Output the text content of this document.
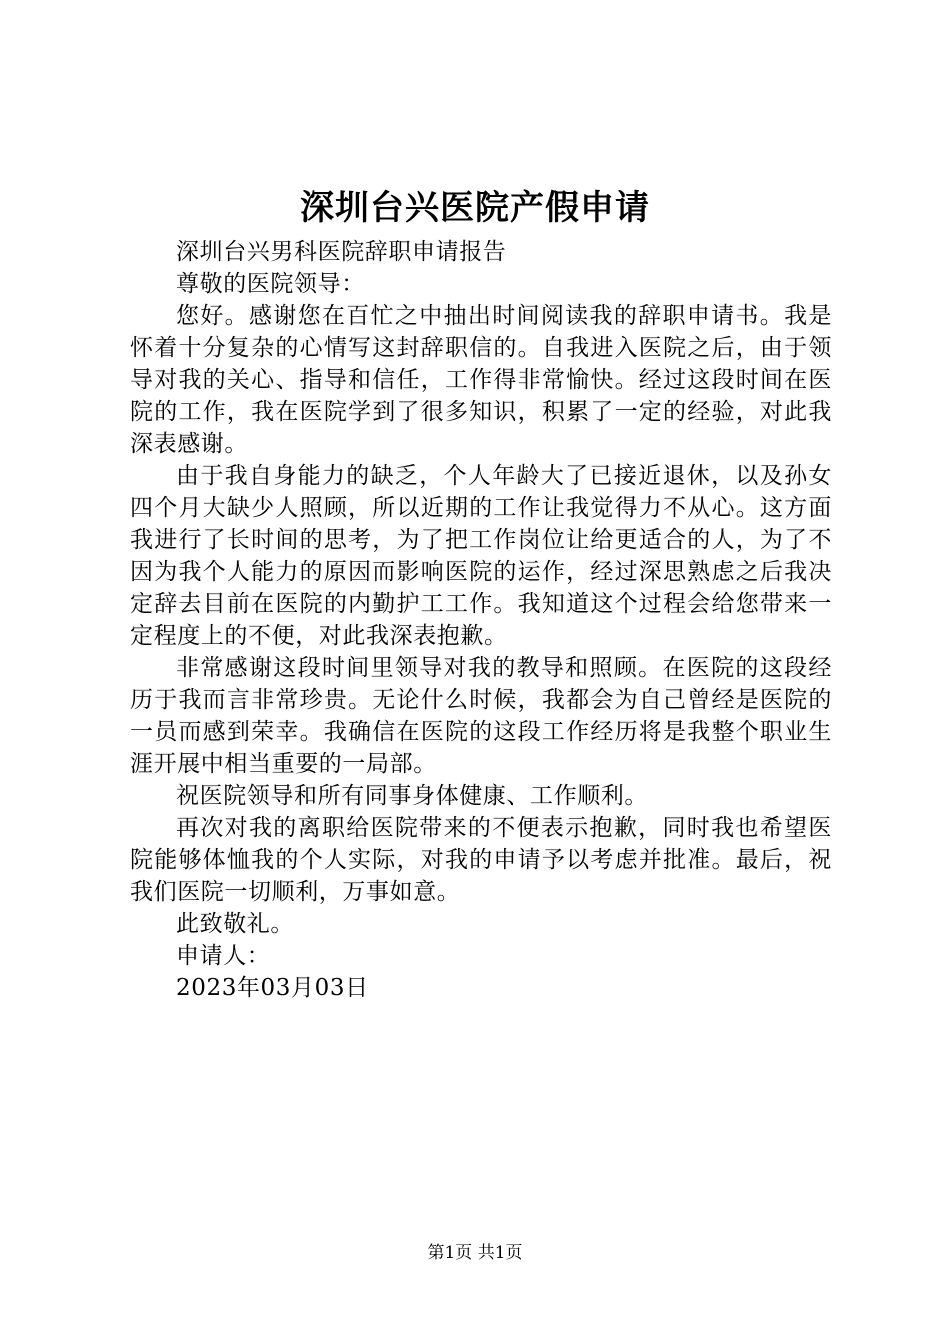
深圳台兴医院产假申请

深圳台兴男科医院辞职申请报告

尊敬的医院领导：

您好。感谢您在百忙之中抽出时间阅读我的辞职申请书。我是怀着十分复杂的心情写这封辞职信的。自我进入医院之后，由于领导对我的关心、指导和信任，工作得非常愉快。经过这段时间在医院的工作，我在医院学到了很多知识，积累了一定的经验，对此我深表感谢。

由于我自身能力的缺乏，个人年龄大了已接近退休，以及孙女四个月大缺少人照顾，所以近期的工作让我觉得力不从心。这方面我进行了长时间的思考，为了把工作岗位让给更适合的人，为了不因为我个人能力的原因而影响医院的运作，经过深思熟虑之后我决定辞去目前在医院的内勤护工工作。我知道这个过程会给您带来一定程度上的不便，对此我深表抱歉。

非常感谢这段时间里领导对我的教导和照顾。在医院的这段经历于我而言非常珍贵。无论什么时候，我都会为自己曾经是医院的一员而感到荣幸。我确信在医院的这段工作经历将是我整个职业生涯开展中相当重要的一局部。

祝医院领导和所有同事身体健康、工作顺利。

再次对我的离职给医院带来的不便表示抱歉，同时我也希望医院能够体恤我的个人实际，对我的申请予以考虑并批准。最后，祝我们医院一切顺利，万事如意。

此致敬礼。

申请人：

2023年03月03日

第1页 共1页
